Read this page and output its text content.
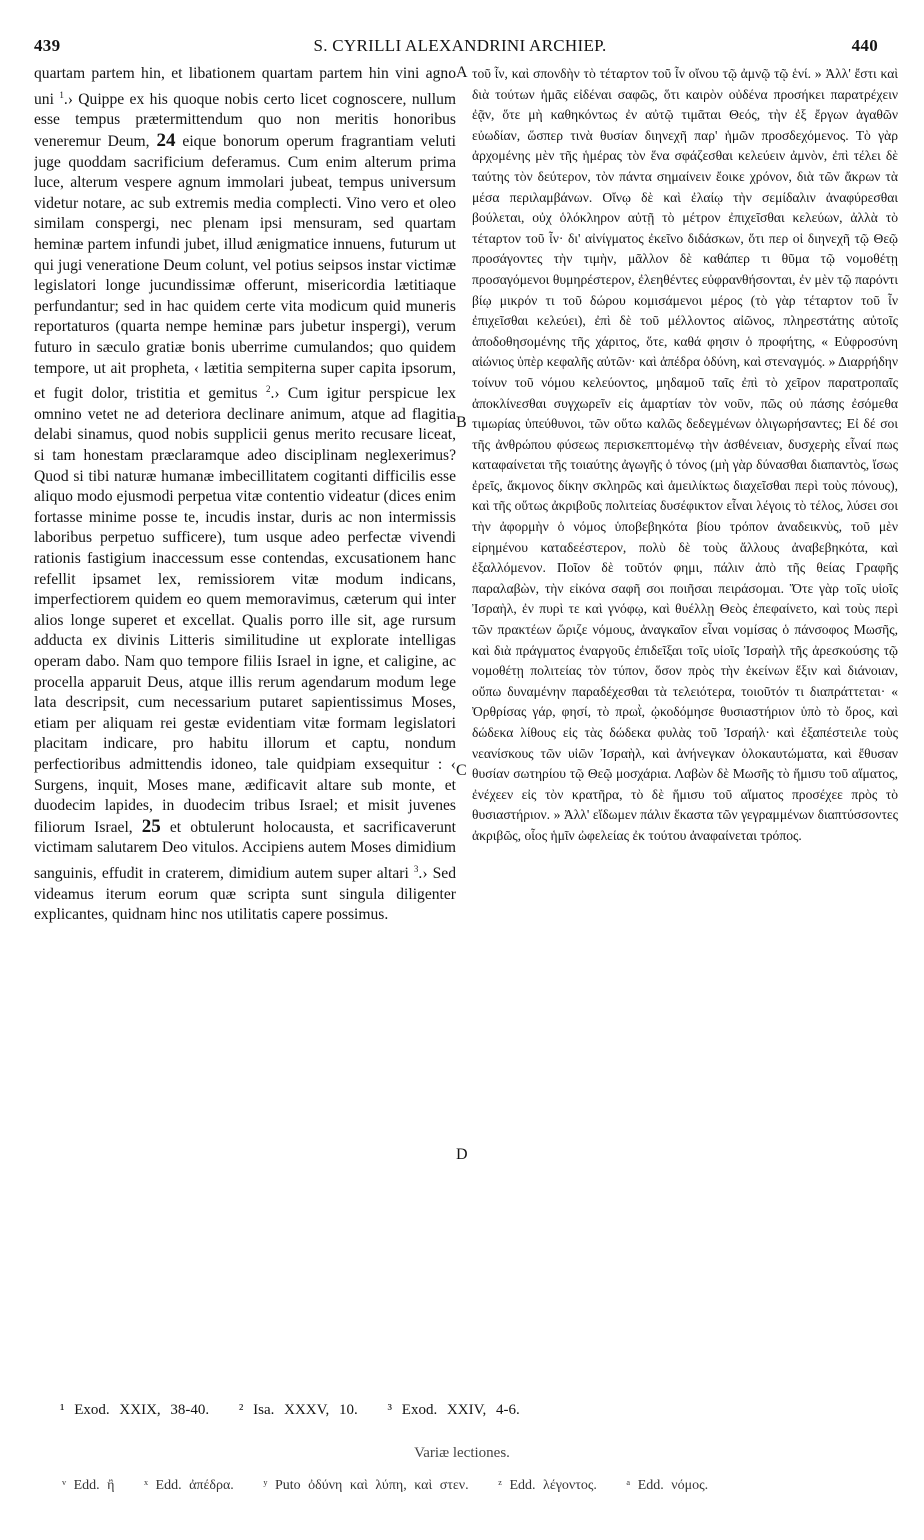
439	S. CYRILLI ALEXANDRINI ARCHIEP.	440

quartam partem hin, et libationem quartam partem hin vini agno uni $^1$.› Quippe ex his quoque nobis certo licet cognoscere, nullum esse tempus prætermittendum quo non meritis honoribus veneremur Deum, 24 eique bonorum operum fragrantiam veluti juge quoddam sacrificium deferamus. Cum enim alterum prima luce, alterum vespere agnum immolari jubeat, tempus universum videtur notare, ac sub extremis media complecti. Vino vero et oleo similam conspergi, nec plenam ipsi mensuram, sed quartam heminæ partem infundi jubet, illud ænigmatice innuens, futurum ut qui jugi veneratione Deum colunt, vel potius seipsos instar victimæ legislatori longe jucundissimæ offerunt, misericordia lætitiaque perfundantur; sed in hac quidem certe vita modicum quid muneris reportaturos (quarta nempe heminæ pars jubetur inspergi), verum futuro in sæculo gratiæ bonis uberrime cumulandos; quo quidem tempore, ut ait propheta, ‹ lætitia sempiterna super capita ipsorum, et fugit dolor, tristitia et gemitus $^2$.› Cum igitur perspicue lex omnino vetet ne ad deteriora declinare animum, atque ad flagitia delabi sinamus, quod nobis supplicii genus merito recusare liceat, si tam honestam præclaramque adeo disciplinam neglexerimus? Quod si tibi naturæ humanæ imbecillitatem cogitanti difficilis esse aliquo modo ejusmodi perpetua vitæ contentio videatur (dices enim fortasse minime posse te, incudis instar, duris ac non intermissis laboribus perpetuo sufficere), tum usque adeo perfectæ vivendi rationis fastigium inaccessum esse contendas, excusationem hanc refellit ipsamet lex, remissiorem vitæ modum indicans, imperfectiorem quidem eo quem memoravimus, cæterum qui inter alios longe superet et excellat. Qualis porro ille sit, age rursum adducta ex divinis Litteris similitudine ut explorate intelligas operam dabo. Nam quo tempore filiis Israel in igne, et caligine, ac procella apparuit Deus, atque illis rerum agendarum modum lege lata descripsit, cum necessarium putaret sapientissimus Moses, etiam per aliquam rei gestæ evidentiam vitæ formam legislatori placitam indicare, pro habitu illorum et captu, nondum perfectioribus admittendis idoneo, tale quidpiam exsequitur : ‹ Surgens, inquit, Moses mane, ædificavit altare sub monte, et duodecim lapides, in duodecim tribus Israel; et misit juvenes filiorum Israel, 25 et obtulerunt holocausta, et sacrificaverunt victimam salutarem Deo vitulos. Accipiens autem Moses dimidium sanguinis, effudit in craterem, dimidium autem super altari $^3$.› Sed videamus iterum eorum quæ scripta sunt singula diligenter explicantes, quidnam hinc nos utilitatis capere possimus.

A
B
C
D

τοῦ ἶν, καὶ σπονδὴν τὸ τέταρτον τοῦ ἶν οἴνου τῷ ἀμνῷ τῷ ἑνί. » Ἀλλ' ἔστι καὶ διὰ τούτων ἡμᾶς εἰδέναι σαφῶς, ὅτι καιρὸν οὐδένα προσήκει παρατρέχειν ἐᾷν, ὅτε μὴ καθηκόντως ἐν αὐτῷ τιμᾶται Θεός, τὴν ἐξ ἔργων ἀγαθῶν εὐωδίαν, ὥσπερ τινὰ θυσίαν διηνεχῆ παρ' ἡμῶν προσδεχόμενος. Τὸ γὰρ ἀρχομένης μὲν τῆς ἡμέρας τὸν ἕνα σφάζεσθαι κελεύειν ἀμνὸν, ἐπὶ τέλει δὲ ταύτης τὸν δεύτερον, τὸν πάντα σημαίνειν ἔοικε χρόνον, διὰ τῶν ἄκρων τὰ μέσα περιλαμβάνων. Οἴνῳ δὲ καὶ ἐλαίῳ τὴν σεμίδαλιν ἀναφύρεσθαι βούλεται, οὐχ ὁλόκληρον αὐτῇ τὸ μέτρον ἐπιχεῖσθαι κελεύων, ἀλλὰ τὸ τέταρτον τοῦ ἶν· δι' αἰνίγματος ἐκεῖνο διδάσκων, ὅτι περ οἱ διηνεχῆ τῷ Θεῷ προσάγοντες τὴν τιμὴν, μᾶλλον δὲ καθάπερ τι θῦμα τῷ νομοθέτῃ προσαγόμενοι θυμηρέστερον, ἐλεηθέντες εὐφρανθήσονται, ἐν μὲν τῷ παρόντι βίῳ μικρόν τι τοῦ δώρου κομισάμενοι μέρος (τὸ γὰρ τέταρτον τοῦ ἶν ἐπιχεῖσθαι κελεύει), ἐπὶ δὲ τοῦ μέλλοντος αἰῶνος, πληρεστάτης αὐτοῖς ἀποδοθησομένης τῆς χάριτος, ὅτε, καθά φησιν ὁ προφήτης, « Εὐφροσύνη αἰώνιος ὑπὲρ κεφαλῆς αὐτῶν· καὶ ἀπέδρα ὀδύνη, καὶ στεναγμός. » Διαρρήδην τοίνυν τοῦ νόμου κελεύοντος, μηδαμοῦ ταῖς ἐπὶ τὸ χεῖρον παρατροπαῖς ἀποκλίνεσθαι συγχωρεῖν εἰς ἁμαρτίαν τὸν νοῦν, πῶς οὐ πάσης ἐσόμεθα τιμωρίας ὑπεύθυνοι, τῶν οὕτω καλῶς δεδεγμένων ὀλιγωρήσαντες; Εἰ δέ σοι τῆς ἀνθρώπου φύσεως περισκεπτομένῳ τὴν ἀσθένειαν, δυσχερὴς εἶναί πως καταφαίνεται τῆς τοιαύτης ἀγωγῆς ὁ τόνος (μὴ γὰρ δύνασθαι διαπαντὸς, ἴσως ἐρεῖς, ἄκμονος δίκην σκληρῶς καὶ ἀμειλίκτως διαχεῖσθαι περὶ τοὺς πόνους), καὶ τῆς οὕτως ἀκριβοῦς πολιτείας δυσέφικτον εἶναι λέγοις τὸ τέλος, λύσει σοι τὴν ἀφορμὴν ὁ νόμος ὑποβεβηκότα βίου τρόπον ἀναδεικνὺς, τοῦ μὲν εἰρημένου καταδεέστερον, πολὺ δὲ τοὺς ἄλλους ἀναβεβηκότα, καὶ ἐξαλλόμενον. Ποῖον δὲ τοῦτόν φημι, πάλιν ἀπὸ τῆς θείας Γραφῆς παραλαβὼν, τὴν εἰκόνα σαφῆ σοι ποιῆσαι πειράσομαι. Ὅτε γὰρ τοῖς υἱοῖς Ἰσραὴλ, ἐν πυρὶ τε καὶ γνόφῳ, καὶ θυέλλῃ Θεὸς ἐπεφαίνετο, καὶ τοὺς περὶ τῶν πρακτέων ὥριζε νόμους, ἀναγκαῖον εἶναι νομίσας ὁ πάνσοφος Μωσῆς, καὶ διὰ πράγματος ἐναργοῦς ἐπιδεῖξαι τοῖς υἱοῖς Ἰσραὴλ τῆς ἀρεσκούσης τῷ νομοθέτῃ πολιτείας τὸν τύπον, ὅσον πρὸς τὴν ἐκείνων ἕξιν καὶ διάνοιαν, οὔπω δυναμένην παραδέχεσθαι τὰ τελειότερα, τοιοῦτόν τι διαπράττεται· « Ὀρθρίσας γάρ, φησί, τὸ πρωῒ, ᾠκοδόμησε θυσιαστήριον ὑπὸ τὸ ὄρος, καὶ δώδεκα λίθους εἰς τὰς δώδεκα φυλὰς τοῦ Ἰσραήλ· καὶ ἐξαπέστειλε τοὺς νεανίσκους τῶν υἱῶν Ἰσραὴλ, καὶ ἀνήνεγκαν ὁλοκαυτώματα, καὶ ἔθυσαν θυσίαν σωτηρίου τῷ Θεῷ μοσχάρια. Λαβὼν δὲ Μωσῆς τὸ ἥμισυ τοῦ αἵματος, ἐνέχεεν εἰς τὸν κρατῆρα, τὸ δὲ ἥμισυ τοῦ αἵματος προσέχεε πρὸς τὸ θυσιαστήριον. » Ἀλλ' εἴδωμεν πάλιν ἕκαστα τῶν γεγραμμένων διαπτύσσοντες ἀκριβῶς, οἷος ἡμῖν ὠφελείας ἐκ τούτου ἀναφαίνεται τρόπος.

¹ Exod. XXIX, 38-40. ² Isa. XXXV, 10. ³ Exod. XXIV, 4-6.
Variæ lectiones.
ᵛ Edd. ἢ ˣ Edd. ἀπέδρα. ʸ Puto ὀδύνη καὶ λύπη, καὶ στεν. ᶻ Edd. λέγοντος. ᵃ Edd. νόμος.
